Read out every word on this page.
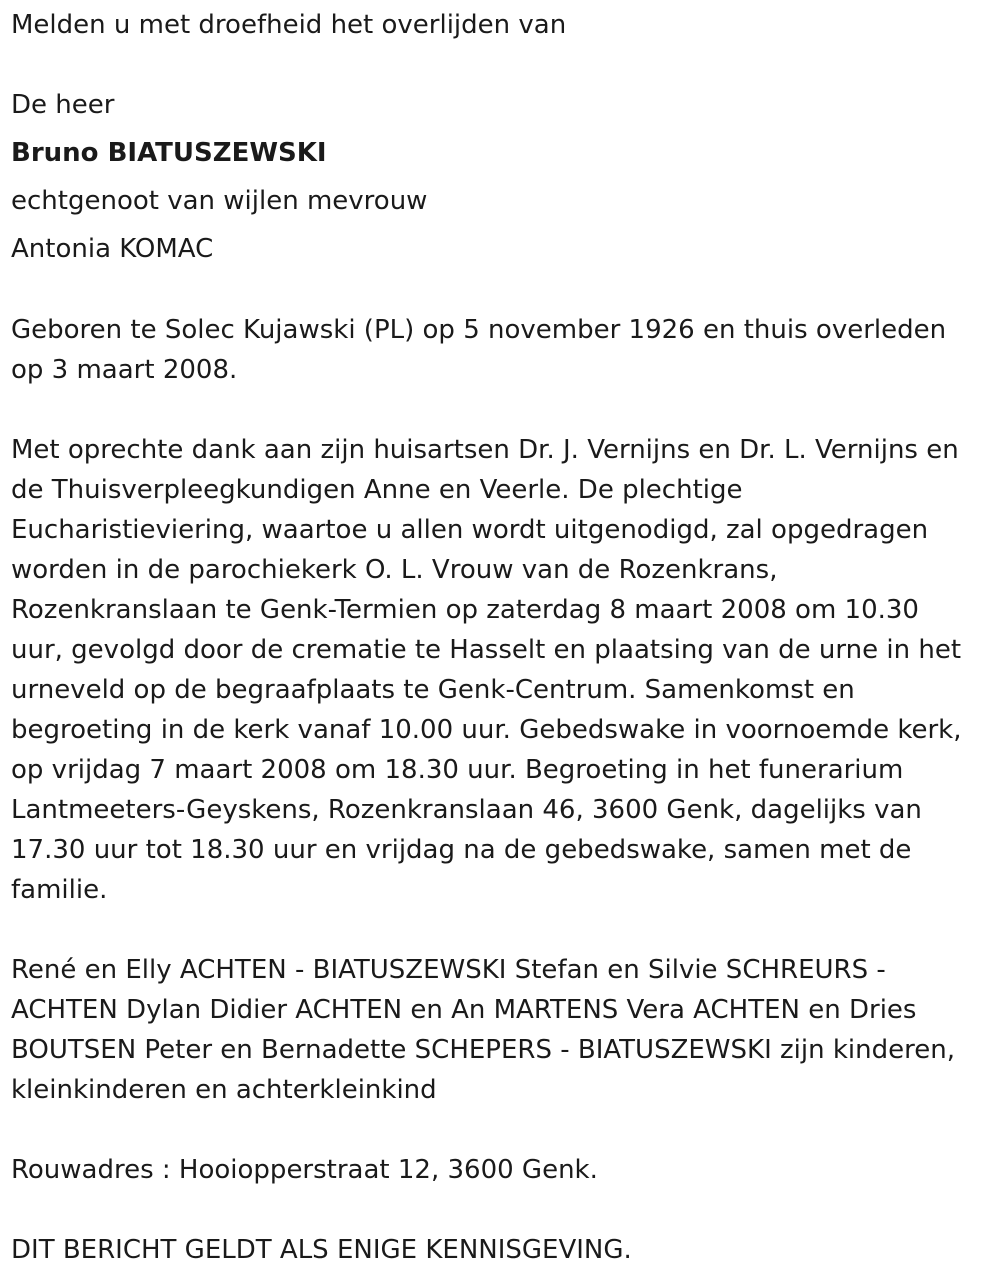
Melden u met droefheid het overlijden van
De heer
Bruno BIATUSZEWSKI
echtgenoot van wijlen mevrouw
Antonia KOMAC
Geboren te Solec Kujawski (PL) op 5 november 1926 en thuis overleden
op 3 maart 2008.
Met oprechte dank aan zijn huisartsen Dr. J. Vernijns en Dr. L. Vernijns en
de Thuisverpleegkundigen Anne en Veerle. De plechtige
Eucharistieviering, waartoe u allen wordt uitgenodigd, zal opgedragen
worden in de parochiekerk O. L. Vrouw van de Rozenkrans,
Rozenkranslaan te Genk-Termien op zaterdag 8 maart 2008 om 10.30
uur, gevolgd door de crematie te Hasselt en plaatsing van de urne in het
urneveld op de begraafplaats te Genk-Centrum. Samenkomst en
begroeting in de kerk vanaf 10.00 uur. Gebedswake in voornoemde kerk,
op vrijdag 7 maart 2008 om 18.30 uur. Begroeting in het funerarium
Lantmeeters-Geyskens, Rozenkranslaan 46, 3600 Genk, dagelijks van
17.30 uur tot 18.30 uur en vrijdag na de gebedswake, samen met de
familie.
René en Elly ACHTEN - BIATUSZEWSKI Stefan en Silvie SCHREURS -
ACHTEN Dylan Didier ACHTEN en An MARTENS Vera ACHTEN en Dries
BOUTSEN Peter en Bernadette SCHEPERS - BIATUSZEWSKI zijn kinderen,
kleinkinderen en achterkleinkind
Rouwadres : Hooiopperstraat 12, 3600 Genk.
DIT BERICHT GELDT ALS ENIGE KENNISGEVING.
